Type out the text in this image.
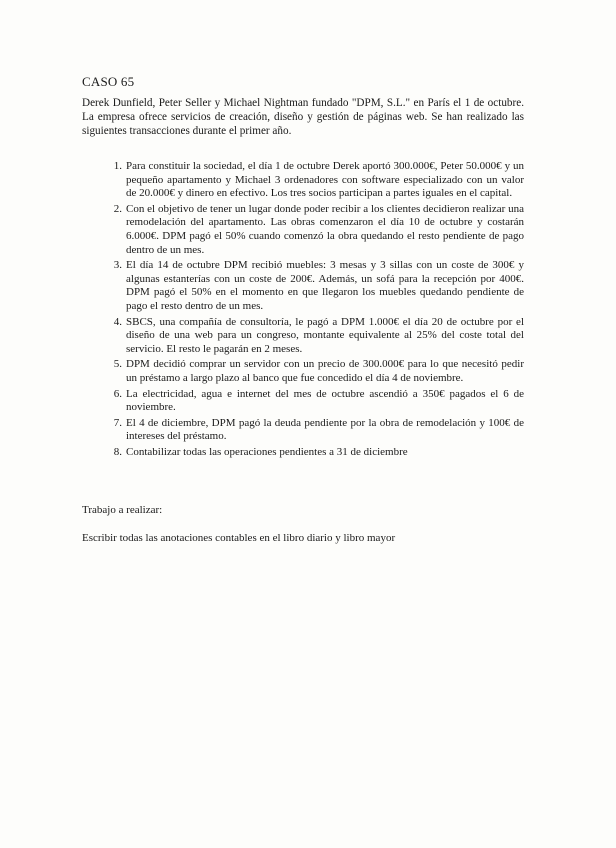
CASO 65
Derek Dunfield, Peter Seller y Michael Nightman fundado "DPM, S.L." en París el 1 de octubre. La empresa ofrece servicios de creación, diseño y gestión de páginas web. Se han realizado las siguientes transacciones durante el primer año.
1. Para constituir la sociedad, el día 1 de octubre Derek aportó 300.000€, Peter 50.000€ y un pequeño apartamento y Michael 3 ordenadores con software especializado con un valor de 20.000€ y dinero en efectivo. Los tres socios participan a partes iguales en el capital.
2. Con el objetivo de tener un lugar donde poder recibir a los clientes decidieron realizar una remodelación del apartamento. Las obras comenzaron el día 10 de octubre y costarán 6.000€. DPM pagó el 50% cuando comenzó la obra quedando el resto pendiente de pago dentro de un mes.
3. El día 14 de octubre DPM recibió muebles: 3 mesas y 3 sillas con un coste de 300€ y algunas estanterías con un coste de 200€. Además, un sofá para la recepción por 400€. DPM pagó el 50% en el momento en que llegaron los muebles quedando pendiente de pago el resto dentro de un mes.
4. SBCS, una compañía de consultoría, le pagó a DPM 1.000€ el día 20 de octubre por el diseño de una web para un congreso, montante equivalente al 25% del coste total del servicio. El resto le pagarán en 2 meses.
5. DPM decidió comprar un servidor con un precio de 300.000€ para lo que necesitó pedir un préstamo a largo plazo al banco que fue concedido el día 4 de noviembre.
6. La electricidad, agua e internet del mes de octubre ascendió a 350€ pagados el 6 de noviembre.
7. El 4 de diciembre, DPM pagó la deuda pendiente por la obra de remodelación y 100€ de intereses del préstamo.
8. Contabilizar todas las operaciones pendientes a 31 de diciembre
Trabajo a realizar:
Escribir todas las anotaciones contables en el libro diario y libro mayor
